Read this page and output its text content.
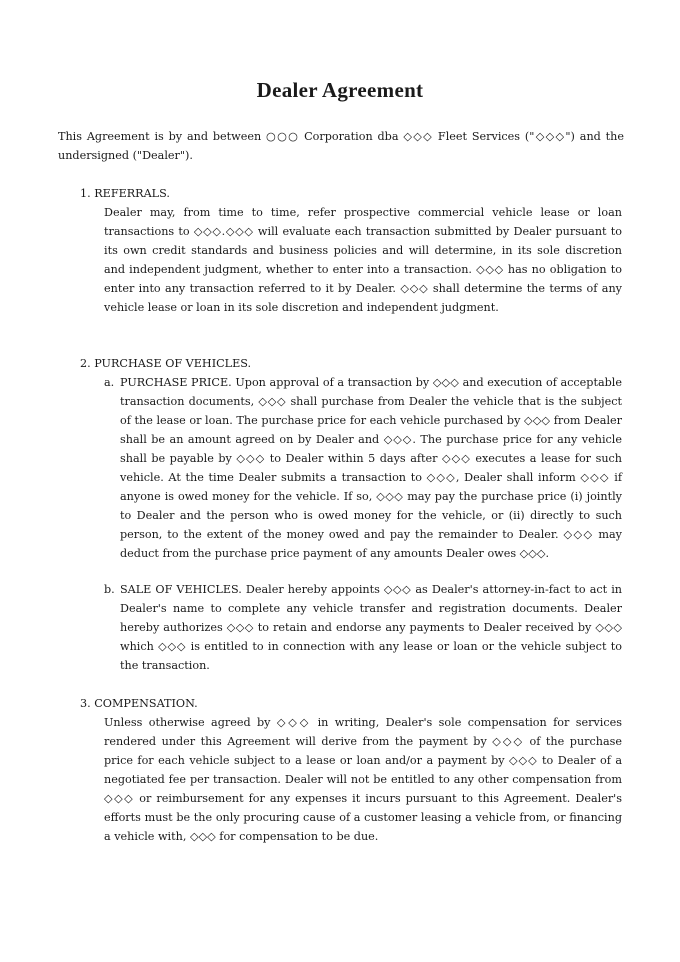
Dealer Agreement

This Agreement is by and between ○○○ Corporation dba ◇◇◇ Fleet Services ("◇◇◇") and the undersigned ("Dealer").

1. REFERRALS.

Dealer may, from time to time, refer prospective commercial vehicle lease or loan transactions to ◇◇◇.◇◇◇ will evaluate each transaction submitted by Dealer pursuant to its own credit standards and business policies and will determine, in its sole discretion and independent judgment, whether to enter into a transaction. ◇◇◇ has no obligation to enter into any transaction referred to it by Dealer. ◇◇◇ shall determine the terms of any vehicle lease or loan in its sole discretion and independent judgment.

2. PURCHASE OF VEHICLES.
a. PURCHASE PRICE. Upon approval of a transaction by ◇◇◇ and execution of acceptable transaction documents, ◇◇◇ shall purchase from Dealer the vehicle that is the subject of the lease or loan. The purchase price for each vehicle purchased by ◇◇◇ from Dealer shall be an amount agreed on by Dealer and ◇◇◇. The purchase price for any vehicle shall be payable by ◇◇◇ to Dealer within 5 days after ◇◇◇ executes a lease for such vehicle. At the time Dealer submits a transaction to ◇◇◇, Dealer shall inform ◇◇◇ if anyone is owed money for the vehicle. If so, ◇◇◇ may pay the purchase price (i) jointly to Dealer and the person who is owed money for the vehicle, or (ii) directly to such person, to the extent of the money owed and pay the remainder to Dealer. ◇◇◇ may deduct from the purchase price payment of any amounts Dealer owes ◇◇◇.
b. SALE OF VEHICLES. Dealer hereby appoints ◇◇◇ as Dealer's attorney-in-fact to act in Dealer's name to complete any vehicle transfer and registration documents. Dealer hereby authorizes ◇◇◇ to retain and endorse any payments to Dealer received by ◇◇◇ which ◇◇◇ is entitled to in connection with any lease or loan or the vehicle subject to the transaction.
3. COMPENSATION.

Unless otherwise agreed by ◇◇◇ in writing, Dealer's sole compensation for services rendered under this Agreement will derive from the payment by ◇◇◇ of the purchase price for each vehicle subject to a lease or loan and/or a payment by ◇◇◇ to Dealer of a negotiated fee per transaction. Dealer will not be entitled to any other compensation from ◇◇◇ or reimbursement for any expenses it incurs pursuant to this Agreement. Dealer's efforts must be the only procuring cause of a customer leasing a vehicle from, or financing a vehicle with, ◇◇◇ for compensation to be due.
